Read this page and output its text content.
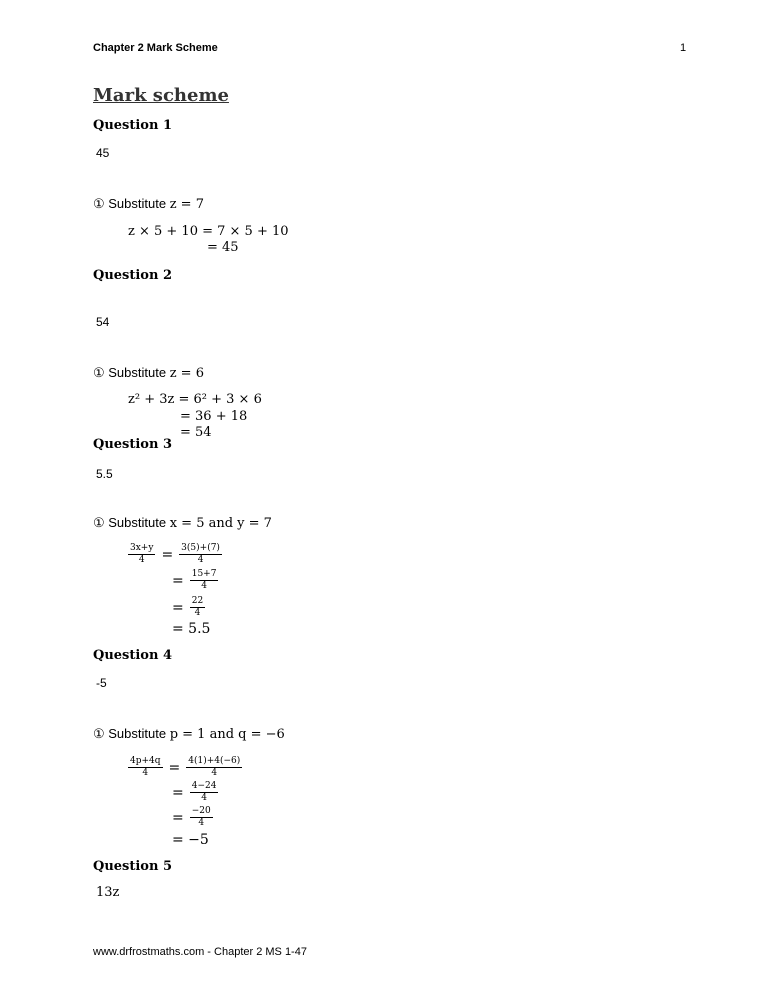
Chapter 2 Mark Scheme	1
Mark scheme
Question 1
45
① Substitute z = 7
z × 5 + 10 = 7 × 5 + 10
= 45
Question 2
54
① Substitute z = 6
z² + 3z = 6² + 3 × 6
= 36 + 18
= 54
Question 3
5.5
① Substitute x = 5 and y = 7
$\frac{3x+y}{4} = \frac{3(5)+(7)}{4}$
= $\frac{15+7}{4}$
= $\frac{22}{4}$
= 5.5
Question 4
-5
① Substitute p = 1 and q = −6
$\frac{4p+4q}{4} = \frac{4(1)+4(-6)}{4}$
= $\frac{4-24}{4}$
= $\frac{-20}{4}$
= −5
Question 5
13z
www.drfrostmaths.com - Chapter 2 MS 1-47
